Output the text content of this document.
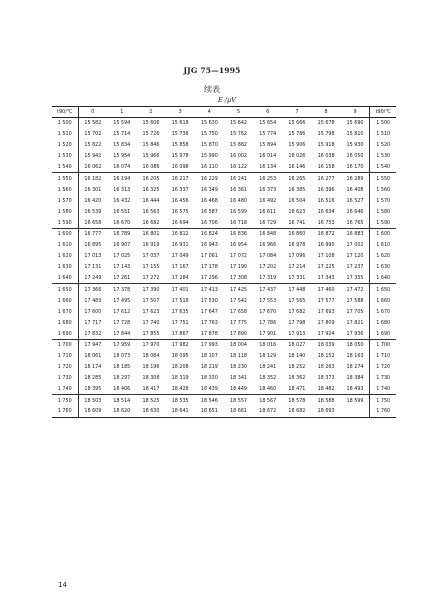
JJG 75—1995
续表
E /μV
t90/℃	0	1	2	3	4	5	6	7	8	9	t90/℃
1 500	15 582	15 594	15 606	15 618	15 630	15 642	15 654	15 666	15 678	15 690	1 500
1 510	15 702	15 714	15 726	15 738	15 750	15 762	15 774	15 786	15 798	15 810	1 510
1 520	15 822	15 834	15 846	15 858	15 870	15 882	15 894	15 906	15 918	15 930	1 520
1 530	15 942	15 954	15 966	15 978	15 990	16 002	16 014	16 026	16 038	16 050	1 530
1 540	16 062	16 074	16 086	16 098	16 110	16 122	16 134	16 146	16 158	16 170	1 540
1 550	16 182	16 194	16 205	16 217	16 229	16 241	16 253	16 265	16 277	16 289	1 550
1 560	16 301	16 313	16 325	16 337	16 349	16 361	16 373	16 385	16 396	16 408	1 560
1 570	16 420	16 432	16 444	16 456	16 468	16 480	16 492	16 504	16 516	16 527	1 570
1 580	16 539	16 551	16 563	16 575	16 587	16 599	16 611	16 623	16 634	16 646	1 580
1 590	16 658	16 670	16 682	16 694	16 706	16 718	16 729	16 741	16 753	16 765	1 590
1 600	16 777	16 789	16 801	16 812	16 824	16 836	16 848	16 860	16 872	16 883	1 600
1 610	16 895	16 907	16 919	16 931	16 943	16 954	16 966	16 978	16 990	17 002	1 610
1 620	17 013	17 025	17 037	17 049	17 061	17 072	17 084	17 096	17 108	17 120	1 620
1 630	17 131	17 143	17 155	17 167	17 178	17 190	17 202	17 214	17 225	17 237	1 630
1 640	17 249	17 261	17 272	17 284	17 296	17 308	17 319	17 331	17 343	17 355	1 640
1 650	17 366	17 378	17 390	17 401	17 413	17 425	17 437	17 448	17 460	17 472	1 650
1 660	17 483	17 495	17 507	17 518	17 530	17 542	17 553	17 565	17 577	17 588	1 660
1 670	17 600	17 612	17 623	17 635	17 647	17 658	17 670	17 682	17 693	17 705	1 670
1 680	17 717	17 728	17 740	17 751	17 763	17 775	17 786	17 798	17 809	17 821	1 680
1 690	17 832	17 844	17 855	17 867	17 878	17 890	17 901	17 913	17 924	17 936	1 690
1 700	17 947	17 959	17 970	17 982	17 993	18 004	18 016	18 027	18 039	18 050	1 700
1 710	18 061	18 073	18 084	18 095	18 107	18 118	18 129	18 140	18 152	18 163	1 710
1 720	18 174	18 185	18 196	18 208	18 219	18 230	18 241	18 252	18 263	18 274	1 720
1 730	18 285	18 297	18 308	18 319	18 330	18 341	18 352	18 362	18 373	18 384	1 730
1 740	18 395	18 406	18 417	18 428	18 439	18 449	18 460	18 471	18 482	18 493	1 740
1 750	18 503	18 514	18 525	18 535	18 546	18 557	18 567	18 578	18 588	18 599	1 750
1 760	18 609	18 620	18 630	18 641	18 651	18 661	18 672	18 682	18 693		1 760
14
